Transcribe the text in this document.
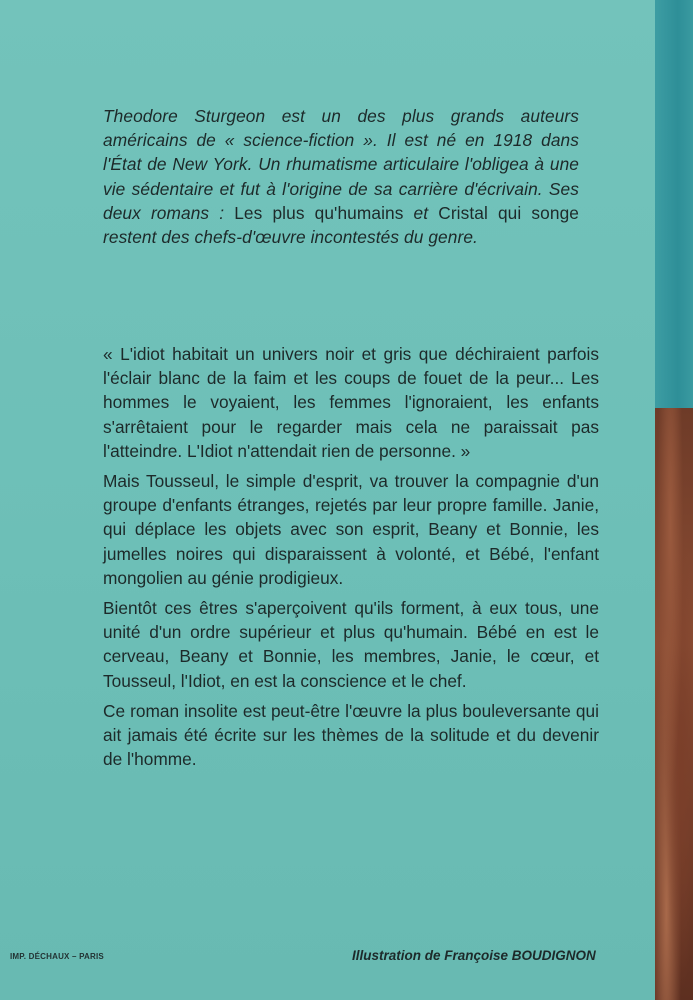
Theodore Sturgeon est un des plus grands auteurs américains de « science-fiction ». Il est né en 1918 dans l'État de New York. Un rhumatisme articulaire l'obligea à une vie sédentaire et fut à l'origine de sa carrière d'écrivain. Ses deux romans : Les plus qu'humains et Cristal qui songe restent des chefs-d'œuvre incontestés du genre.

« L'idiot habitait un univers noir et gris que déchiraient parfois l'éclair blanc de la faim et les coups de fouet de la peur... Les hommes le voyaient, les femmes l'ignoraient, les enfants s'arrêtaient pour le regarder mais cela ne paraissait pas l'atteindre. L'Idiot n'attendait rien de personne. »

Mais Tousseul, le simple d'esprit, va trouver la compagnie d'un groupe d'enfants étranges, rejetés par leur propre famille. Janie, qui déplace les objets avec son esprit, Beany et Bonnie, les jumelles noires qui disparaissent à volonté, et Bébé, l'enfant mongolien au génie prodigieux.

Bientôt ces êtres s'aperçoivent qu'ils forment, à eux tous, une unité d'un ordre supérieur et plus qu'humain. Bébé en est le cerveau, Beany et Bonnie, les membres, Janie, le cœur, et Tousseul, l'Idiot, en est la conscience et le chef.

Ce roman insolite est peut-être l'œuvre la plus bouleversante qui ait jamais été écrite sur les thèmes de la solitude et du devenir de l'homme.

IMP. DÉCHAUX – PARIS	Illustration de Françoise BOUDIGNON
